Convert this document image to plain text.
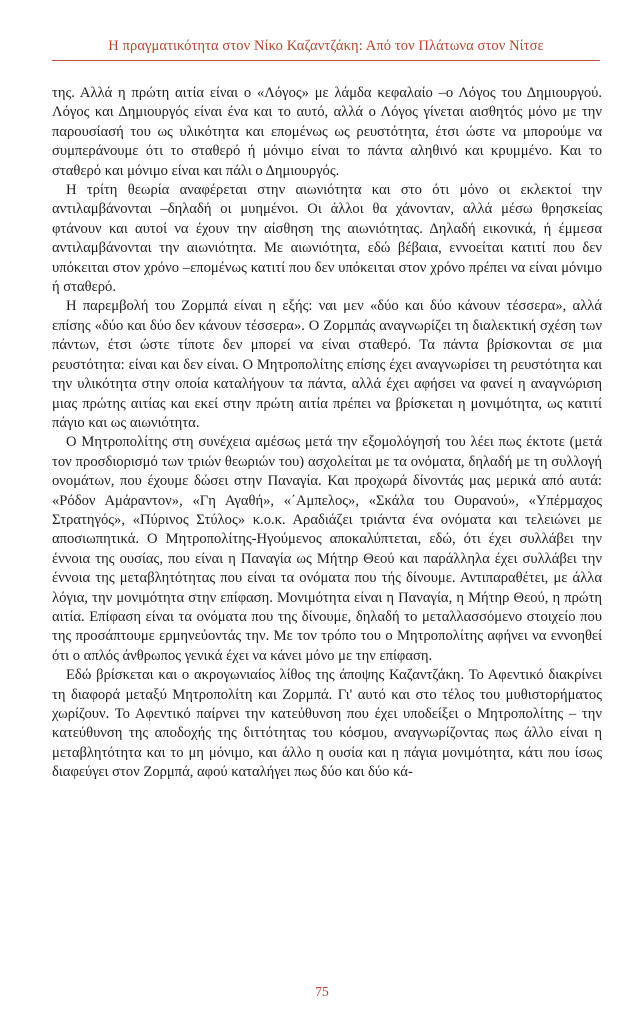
Η πραγματικότητα στον Νίκο Καζαντζάκη: Από τον Πλάτωνα στον Νίτσε

της. Αλλά η πρώτη αιτία είναι ο «Λόγος» με λάμδα κεφαλαίο –ο Λόγος του Δημιουργού. Λόγος και Δημιουργός είναι ένα και το αυτό, αλλά ο Λόγος γίνεται αισθητός μόνο με την παρουσίασή του ως υλικότητα και επομένως ως ρευστότητα, έτσι ώστε να μπορούμε να συμπεράνουμε ότι το σταθερό ή μόνιμο είναι το πάντα αληθινό και κρυμμένο. Και το σταθερό και μόνιμο είναι και πάλι ο Δημιουργός.

Η τρίτη θεωρία αναφέρεται στην αιωνιότητα και στο ότι μόνο οι εκλεκτοί την αντιλαμβάνονται –δηλαδή οι μυημένοι. Οι άλλοι θα χάνονταν, αλλά μέσω θρησκείας φτάνουν και αυτοί να έχουν την αίσθηση της αιωνιότητας. Δηλαδή εικονικά, ή έμμεσα αντιλαμβάνονται την αιωνιότητα. Με αιωνιότητα, εδώ βέβαια, εννοείται κατιτί που δεν υπόκειται στον χρόνο –επομένως κατιτί που δεν υπόκειται στον χρόνο πρέπει να είναι μόνιμο ή σταθερό.

Η παρεμβολή του Ζορμπά είναι η εξής: ναι μεν «δύο και δύο κάνουν τέσσερα», αλλά επίσης «δύο και δύο δεν κάνουν τέσσερα». Ο Ζορμπάς αναγνωρίζει τη διαλεκτική σχέση των πάντων, έτσι ώστε τίποτε δεν μπορεί να είναι σταθερό. Τα πάντα βρίσκονται σε μια ρευστότητα: είναι και δεν είναι. Ο Μητροπολίτης επίσης έχει αναγνωρίσει τη ρευστότητα και την υλικότητα στην οποία καταλήγουν τα πάντα, αλλά έχει αφήσει να φανεί η αναγνώριση μιας πρώτης αιτίας και εκεί στην πρώτη αιτία πρέπει να βρίσκεται η μονιμότητα, ως κατιτί πάγιο και ως αιωνιότητα.

Ο Μητροπολίτης στη συνέχεια αμέσως μετά την εξομολόγησή του λέει πως έκτοτε (μετά τον προσδιορισμό των τριών θεωριών του) ασχολείται με τα ονόματα, δηλαδή με τη συλλογή ονομάτων, που έχουμε δώσει στην Παναγία. Και προχωρά δίνοντάς μας μερικά από αυτά: «Ρόδον Αμάραντον», «Γη Αγαθή», «΄Αμπελος», «Σκάλα του Ουρανού», «Υπέρμαχος Στρατηγός», «Πύρινος Στύλος» κ.ο.κ. Αραδιάζει τριάντα ένα ονόματα και τελειώνει με αποσιωπητικά. Ο Μητροπολίτης-Ηγούμενος αποκαλύπτεται, εδώ, ότι έχει συλλάβει την έννοια της ουσίας, που είναι η Παναγία ως Μήτηρ Θεού και παράλληλα έχει συλλάβει την έννοια της μεταβλητότητας που είναι τα ονόματα που τής δίνουμε. Αντιπαραθέτει, με άλλα λόγια, την μονιμότητα στην επίφαση. Μονιμότητα είναι η Παναγία, η Μήτηρ Θεού, η πρώτη αιτία. Επίφαση είναι τα ονόματα που της δίνουμε, δηλαδή το μεταλλασσόμενο στοιχείο που της προσάπτουμε ερμηνεύοντάς την. Με τον τρόπο του ο Μητροπολίτης αφήνει να εννοηθεί ότι ο απλός άνθρωπος γενικά έχει να κάνει μόνο με την επίφαση.

Εδώ βρίσκεται και ο ακρογωνιαίος λίθος της άποψης Καζαντζάκη. Το Αφεντικό διακρίνει τη διαφορά μεταξύ Μητροπολίτη και Ζορμπά. Γι' αυτό και στο τέλος του μυθιστορήματος χωρίζουν. Το Αφεντικό παίρνει την κατεύθυνση που έχει υποδείξει ο Μητροπολίτης – την κατεύθυνση της αποδοχής της διττότητας του κόσμου, αναγνωρίζοντας πως άλλο είναι η μεταβλητότητα και το μη μόνιμο, και άλλο η ουσία και η πάγια μονιμότητα, κάτι που ίσως διαφεύγει στον Ζορμπά, αφού καταλήγει πως δύο και δύο κά-

75
